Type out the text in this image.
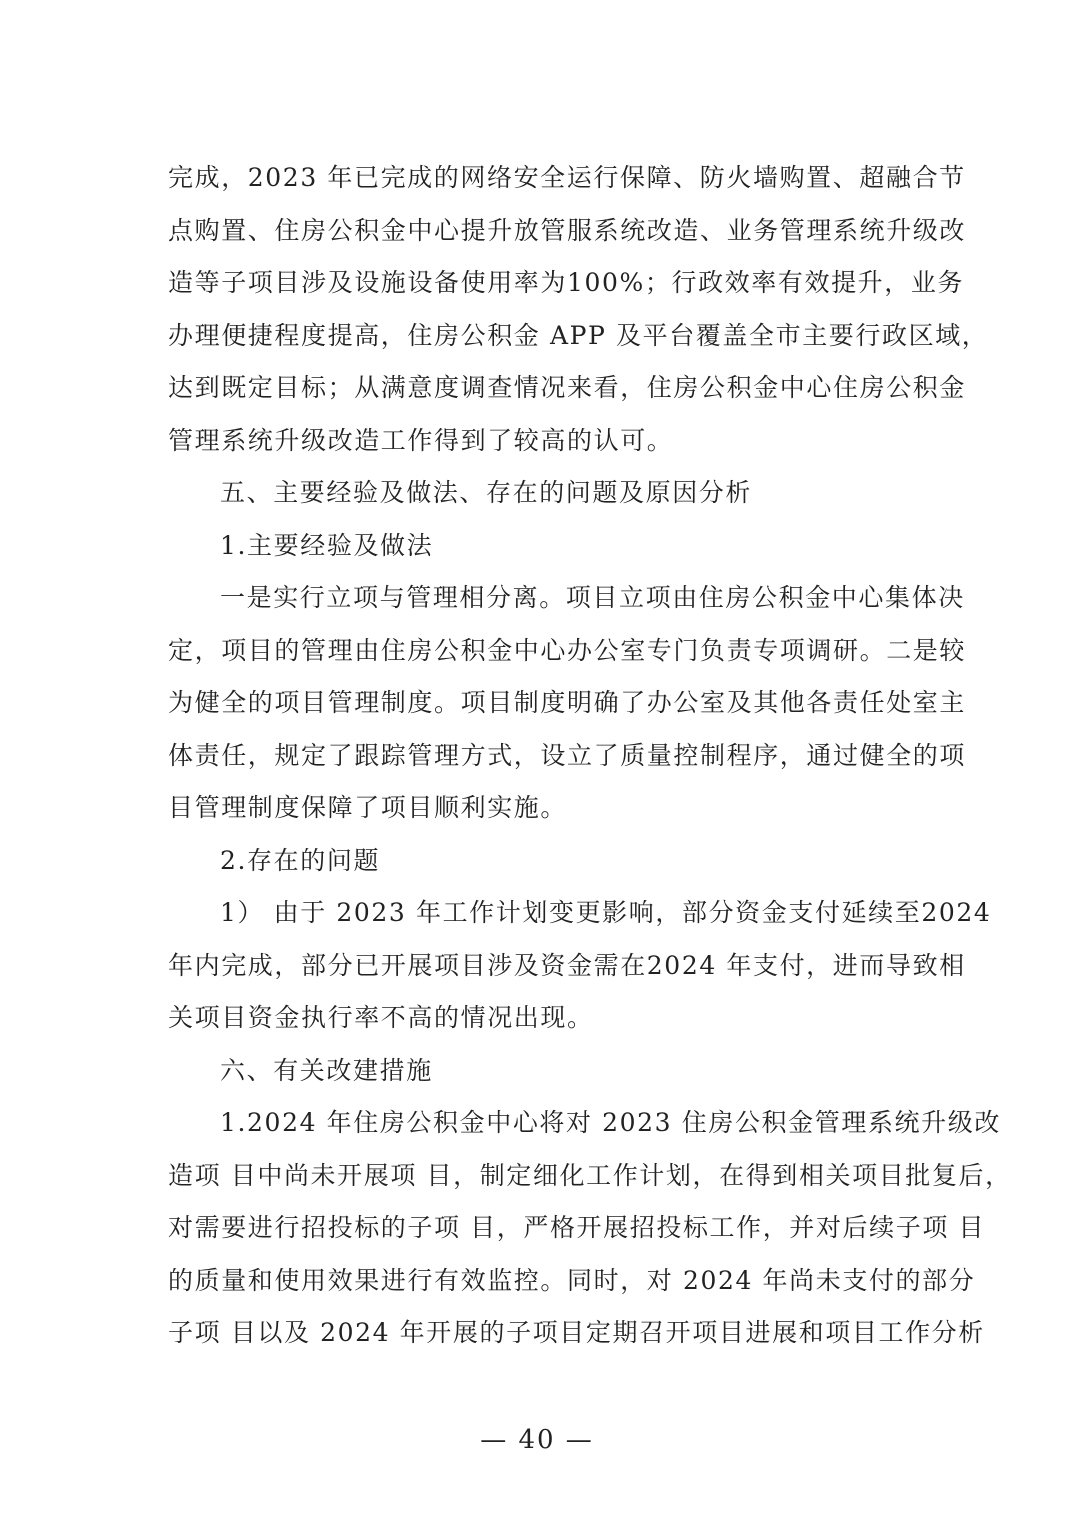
完成，2023 年已完成的网络安全运行保障、防火墙购置、超融合节
点购置、住房公积金中心提升放管服系统改造、业务管理系统升级改
造等子项目涉及设施设备使用率为100%；行政效率有效提升，业务
办理便捷程度提高，住房公积金 APP 及平台覆盖全市主要行政区域，
达到既定目标；从满意度调查情况来看，住房公积金中心住房公积金
管理系统升级改造工作得到了较高的认可。
五、主要经验及做法、存在的问题及原因分析
1.主要经验及做法
一是实行立项与管理相分离。项目立项由住房公积金中心集体决
定，项目的管理由住房公积金中心办公室专门负责专项调研。二是较
为健全的项目管理制度。项目制度明确了办公室及其他各责任处室主
体责任，规定了跟踪管理方式，设立了质量控制程序，通过健全的项
目管理制度保障了项目顺利实施。
2.存在的问题
1） 由于 2023 年工作计划变更影响，部分资金支付延续至2024
年内完成，部分已开展项目涉及资金需在2024 年支付，进而导致相
关项目资金执行率不高的情况出现。
六、有关改建措施
1.2024 年住房公积金中心将对 2023 住房公积金管理系统升级改
造项 目中尚未开展项 目，制定细化工作计划，在得到相关项目批复后，
对需要进行招投标的子项 目，严格开展招投标工作，并对后续子项 目
的质量和使用效果进行有效监控。同时，对 2024 年尚未支付的部分
子项 目以及 2024 年开展的子项目定期召开项目进展和项目工作分析
— 40 —
